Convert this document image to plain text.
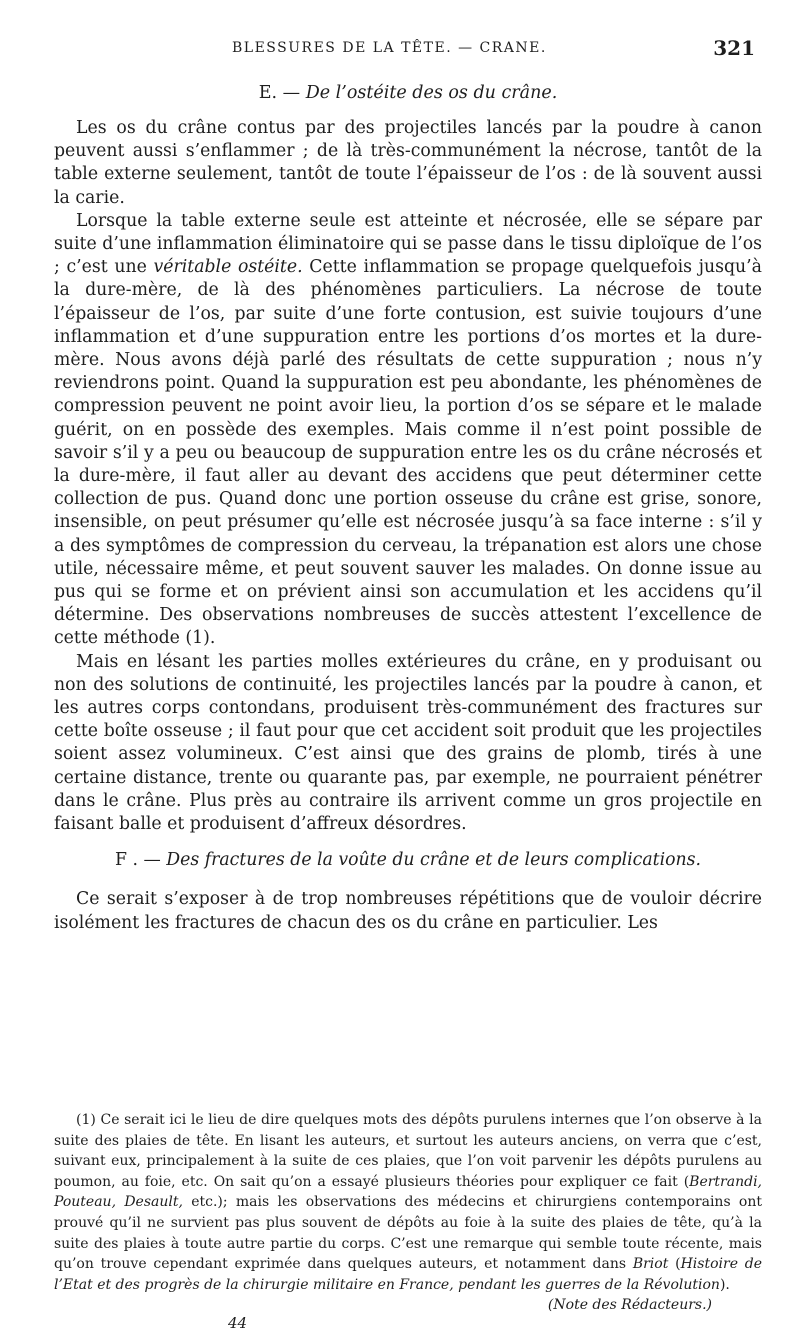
BLESSURES DE LA TÊTE. — CRANE.	321
E. — De l’ostéite des os du crâne.

Les os du crâne contus par des projectiles lancés par la poudre à canon peuvent aussi s’enflammer ; de là très-communément la nécrose, tantôt de la table externe seulement, tantôt de toute l’épaisseur de l’os : de là souvent aussi la carie.

Lorsque la table externe seule est atteinte et nécrosée, elle se sépare par suite d’une inflammation éliminatoire qui se passe dans le tissu diploïque de l’os ; c’est une véritable ostéite. Cette inflammation se propage quelquefois jusqu’à la dure-mère, de là des phénomènes particuliers. La nécrose de toute l’épaisseur de l’os, par suite d’une forte contusion, est suivie toujours d’une inflammation et d’une suppuration entre les portions d’os mortes et la dure-mère. Nous avons déjà parlé des résultats de cette suppuration ; nous n’y reviendrons point. Quand la suppuration est peu abondante, les phénomènes de compression peuvent ne point avoir lieu, la portion d’os se sépare et le malade guérit, on en possède des exemples. Mais comme il n’est point possible de savoir s’il y a peu ou beaucoup de suppuration entre les os du crâne nécrosés et la dure-mère, il faut aller au devant des accidens que peut déterminer cette collection de pus. Quand donc une portion osseuse du crâne est grise, sonore, insensible, on peut présumer qu’elle est nécrosée jusqu’à sa face interne : s’il y a des symptômes de compression du cerveau, la trépanation est alors une chose utile, nécessaire même, et peut souvent sauver les malades. On donne issue au pus qui se forme et on prévient ainsi son accumulation et les accidens qu’il détermine. Des observations nombreuses de succès attestent l’excellence de cette méthode (1).

Mais en lésant les parties molles extérieures du crâne, en y produisant ou non des solutions de continuité, les projectiles lancés par la poudre à canon, et les autres corps contondans, produisent très-communément des fractures sur cette boîte osseuse ; il faut pour que cet accident soit produit que les projectiles soient assez volumineux. C’est ainsi que des grains de plomb, tirés à une certaine distance, trente ou quarante pas, par exemple, ne pourraient pénétrer dans le crâne. Plus près au contraire ils arrivent comme un gros projectile en faisant balle et produisent d’affreux désordres.

F . — Des fractures de la voûte du crâne et de leurs complications.

Ce serait s’exposer à de trop nombreuses répétitions que de vouloir décrire isolément les fractures de chacun des os du crâne en particulier. Les

(1) Ce serait ici le lieu de dire quelques mots des dépôts purulens internes que l’on observe à la suite des plaies de tête. En lisant les auteurs, et surtout les auteurs anciens, on verra que c’est, suivant eux, principalement à la suite de ces plaies, que l’on voit parvenir les dépôts purulens au poumon, au foie, etc. On sait qu’on a essayé plusieurs théories pour expliquer ce fait (Bertrandi, Pouteau, Desault, etc.); mais les observations des médecins et chirurgiens contemporains ont prouvé qu’il ne survient pas plus souvent de dépôts au foie à la suite des plaies de tête, qu’à la suite des plaies à toute autre partie du corps. C’est une remarque qui semble toute récente, mais qu’on trouve cependant exprimée dans quelques auteurs, et notamment dans Briot (Histoire de l’Etat et des progrès de la chirurgie militaire en France, pendant les guerres de la Révolution).

(Note des Rédacteurs.)
44
